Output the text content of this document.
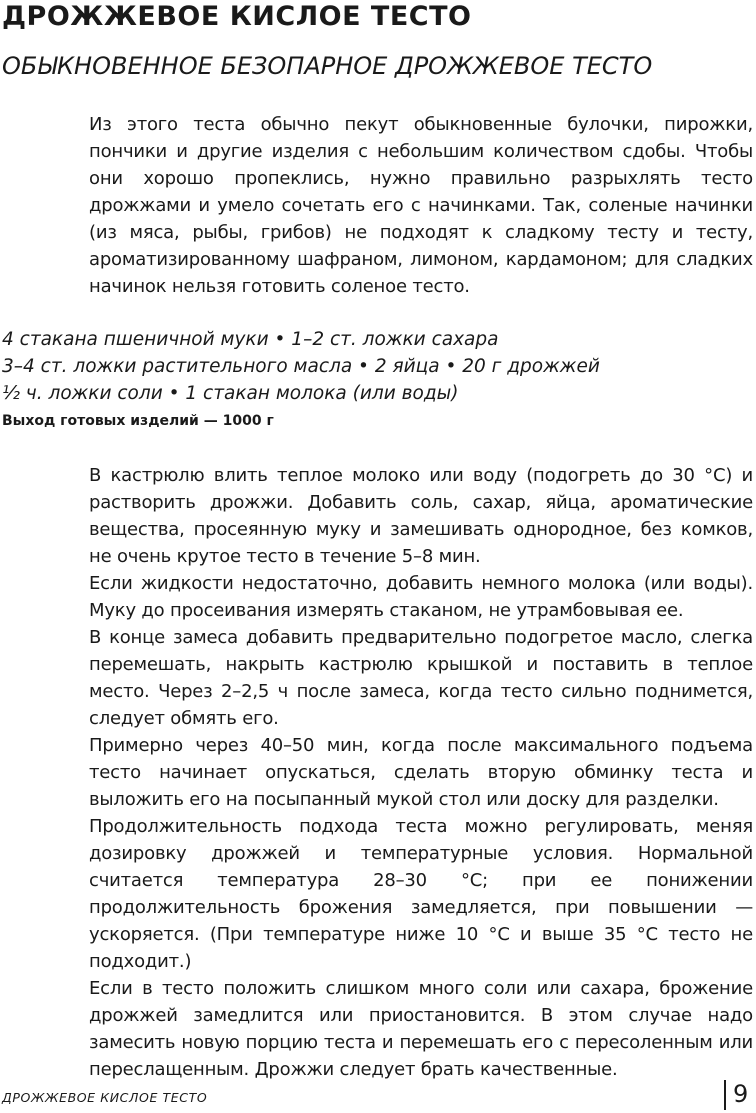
ДРОЖЖЕВОЕ КИСЛОЕ ТЕСТО
ОБЫКНОВЕННОЕ БЕЗОПАРНОЕ ДРОЖЖЕВОЕ ТЕСТО

Из этого теста обычно пекут обыкновенные булочки, пирожки, пончики и другие изделия с небольшим количеством сдобы. Чтобы они хорошо пропеклись, нужно правильно разрыхлять тесто дрожжами и умело сочетать его с начинками. Так, соленые начинки (из мяса, рыбы, грибов) не подходят к сладкому тесту и тесту, ароматизированному шафраном, лимоном, кардамоном; для сладких начинок нельзя готовить соленое тесто.

4 стакана пшеничной муки • 1–2 ст. ложки сахара
3–4 ст. ложки растительного масла • 2 яйца • 20 г дрожжей
½ ч. ложки соли • 1 стакан молока (или воды)
Выход готовых изделий — 1000 г

В кастрюлю влить теплое молоко или воду (подогреть до 30 °С) и растворить дрожжи. Добавить соль, сахар, яйца, ароматические вещества, просеянную муку и замешивать однородное, без комков, не очень крутое тесто в течение 5–8 мин.

Если жидкости недостаточно, добавить немного молока (или воды). Муку до просеивания измерять стаканом, не утрамбовывая ее.

В конце замеса добавить предварительно подогретое масло, слегка перемешать, накрыть кастрюлю крышкой и поставить в теплое место. Через 2–2,5 ч после замеса, когда тесто сильно поднимется, следует обмять его.

Примерно через 40–50 мин, когда после максимального подъема тесто начинает опускаться, сделать вторую обминку теста и выложить его на посыпанный мукой стол или доску для разделки.

Продолжительность подхода теста можно регулировать, меняя дозировку дрожжей и температурные условия. Нормальной считается температура 28–30 °С; при ее понижении продолжительность брожения замедляется, при повышении — ускоряется. (При температуре ниже 10 °С и выше 35 °С тесто не подходит.)

Если в тесто положить слишком много соли или сахара, брожение дрожжей замедлится или приостановится. В этом случае надо замесить новую порцию теста и перемешать его с пересоленным или переслащенным. Дрожжи следует брать качественные.

ДРОЖЖЕВОЕ КИСЛОЕ ТЕСТО	9
